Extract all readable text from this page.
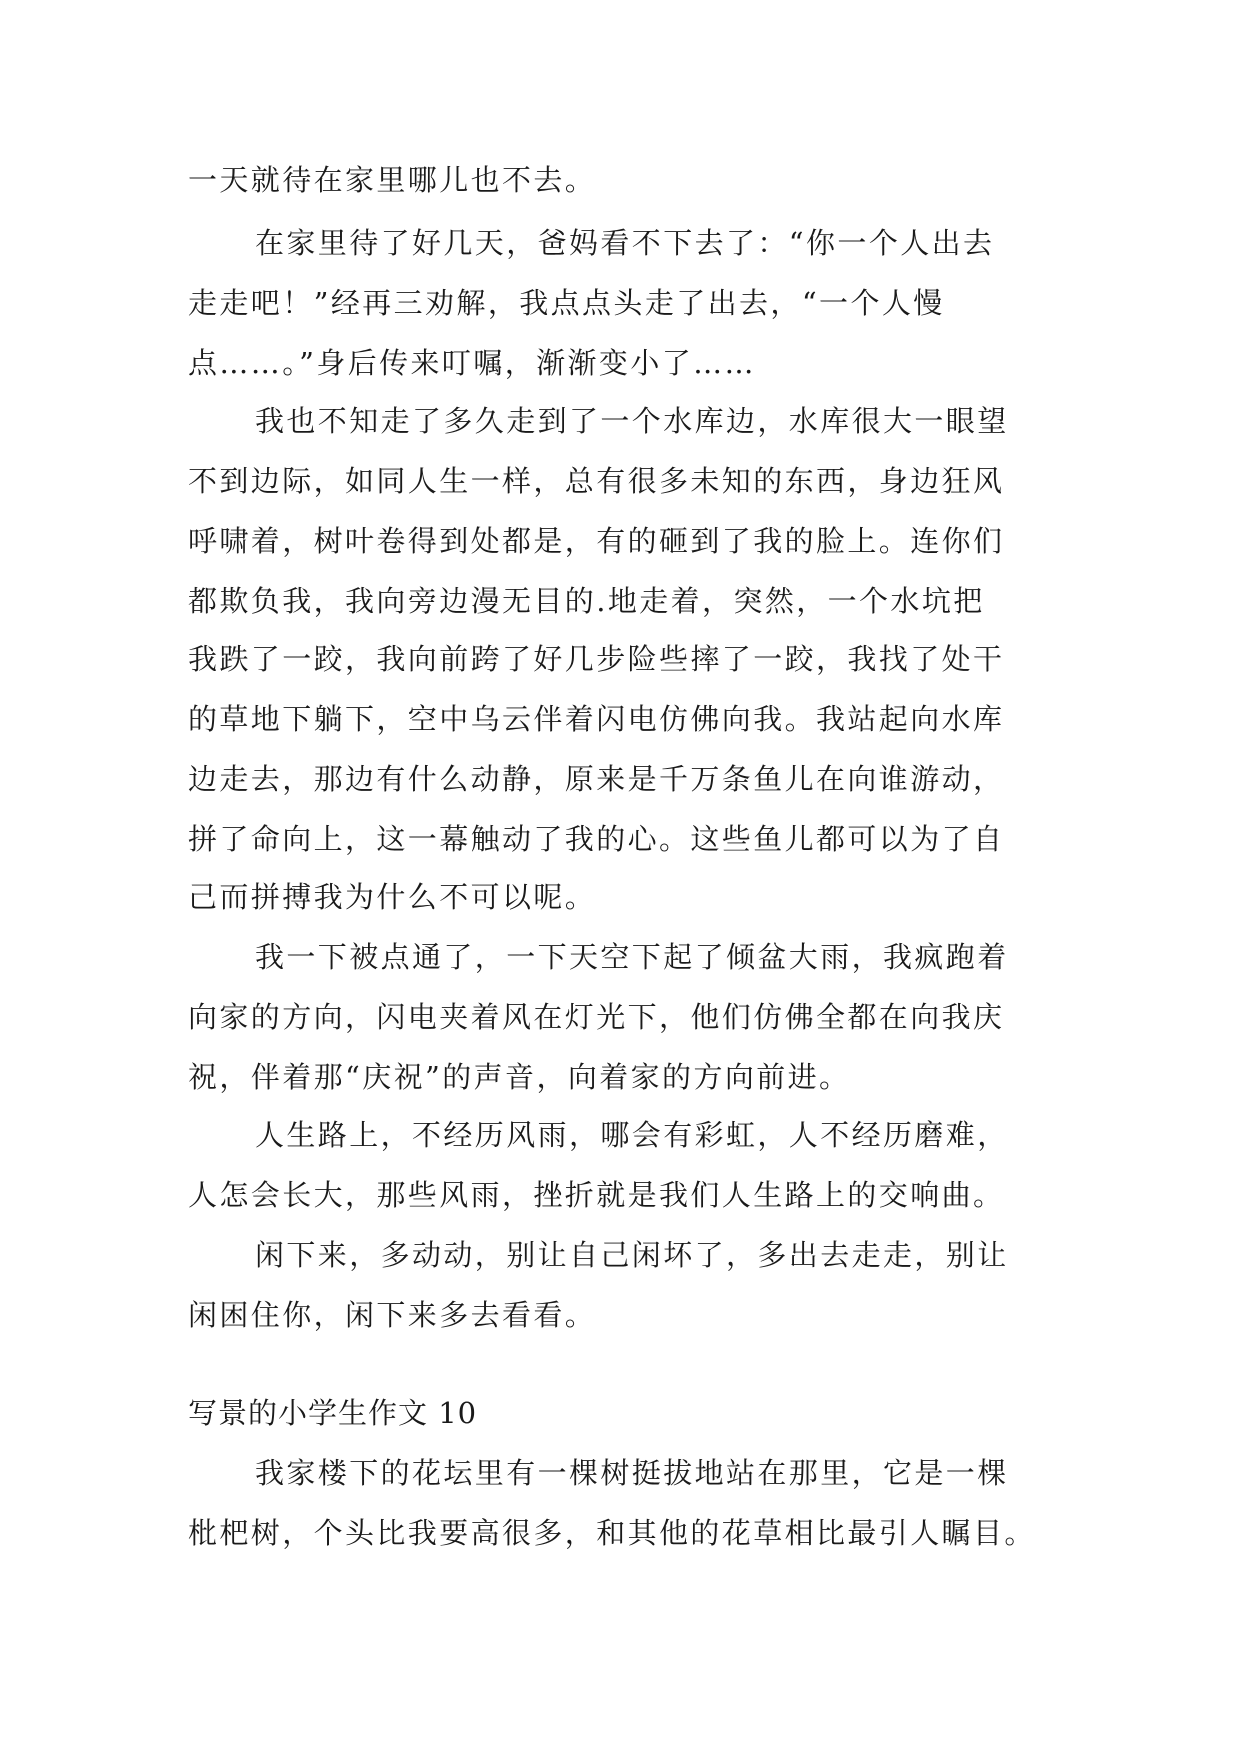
一天就待在家里哪儿也不去。
在家里待了好几天，爸妈看不下去了：“你一个人出去
走走吧！”经再三劝解，我点点头走了出去，“一个人慢
点……。”身后传来叮嘱，渐渐变小了……
我也不知走了多久走到了一个水库边，水库很大一眼望
不到边际，如同人生一样，总有很多未知的东西，身边狂风
呼啸着，树叶卷得到处都是，有的砸到了我的脸上。连你们
都欺负我，我向旁边漫无目的.地走着，突然，一个水坑把
我跌了一跤，我向前跨了好几步险些摔了一跤，我找了处干
的草地下躺下，空中乌云伴着闪电仿佛向我。我站起向水库
边走去，那边有什么动静，原来是千万条鱼儿在向谁游动，
拼了命向上，这一幕触动了我的心。这些鱼儿都可以为了自
己而拼搏我为什么不可以呢。
我一下被点通了，一下天空下起了倾盆大雨，我疯跑着
向家的方向，闪电夹着风在灯光下，他们仿佛全都在向我庆
祝，伴着那“庆祝”的声音，向着家的方向前进。
人生路上，不经历风雨，哪会有彩虹，人不经历磨难，
人怎会长大，那些风雨，挫折就是我们人生路上的交响曲。
闲下来，多动动，别让自己闲坏了，多出去走走，别让
闲困住你，闲下来多去看看。
写景的小学生作文 10
我家楼下的花坛里有一棵树挺拔地站在那里，它是一棵
枇杷树，个头比我要高很多，和其他的花草相比最引人瞩目。
